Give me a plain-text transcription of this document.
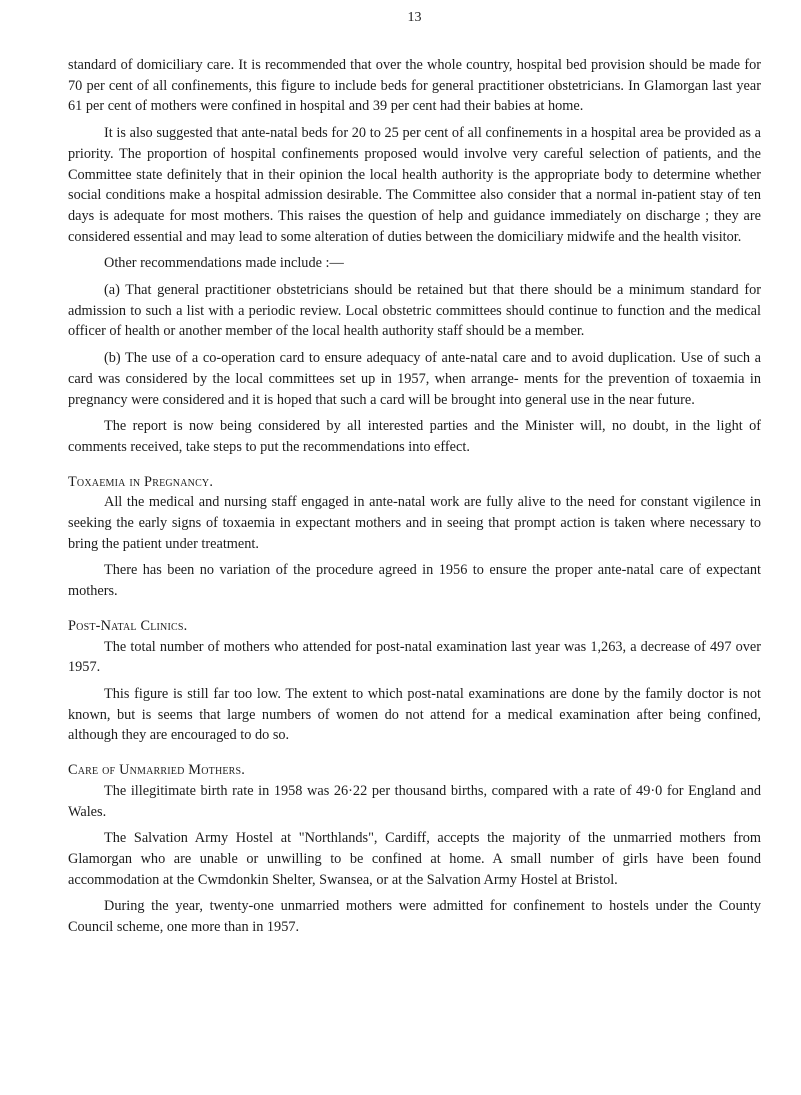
13

standard of domiciliary care. It is recommended that over the whole country, hospital bed provision should be made for 70 per cent of all confinements, this figure to include beds for general practitioner obstetricians. In Glamorgan last year 61 per cent of mothers were confined in hospital and 39 per cent had their babies at home.

It is also suggested that ante-natal beds for 20 to 25 per cent of all confinements in a hospital area be provided as a priority. The proportion of hospital confinements proposed would involve very careful selection of patients, and the Committee state definitely that in their opinion the local health authority is the appropriate body to determine whether social conditions make a hospital admission desirable. The Committee also consider that a normal in-patient stay of ten days is adequate for most mothers. This raises the question of help and guidance immediately on discharge ; they are considered essential and may lead to some alteration of duties between the domiciliary midwife and the health visitor.

Other recommendations made include :—

(a) That general practitioner obstetricians should be retained but that there should be a minimum standard for admission to such a list with a periodic review. Local obstetric committees should continue to function and the medical officer of health or another member of the local health authority staff should be a member.

(b) The use of a co-operation card to ensure adequacy of ante-natal care and to avoid duplication. Use of such a card was considered by the local committees set up in 1957, when arrange- ments for the prevention of toxaemia in pregnancy were considered and it is hoped that such a card will be brought into general use in the near future.

The report is now being considered by all interested parties and the Minister will, no doubt, in the light of comments received, take steps to put the recommendations into effect.

Toxaemia in Pregnancy.

All the medical and nursing staff engaged in ante-natal work are fully alive to the need for constant vigilence in seeking the early signs of toxaemia in expectant mothers and in seeing that prompt action is taken where necessary to bring the patient under treatment.

There has been no variation of the procedure agreed in 1956 to ensure the proper ante-natal care of expectant mothers.

Post-Natal Clinics.

The total number of mothers who attended for post-natal examination last year was 1,263, a decrease of 497 over 1957.

This figure is still far too low. The extent to which post-natal examinations are done by the family doctor is not known, but is seems that large numbers of women do not attend for a medical examination after being confined, although they are encouraged to do so.

Care of Unmarried Mothers.

The illegitimate birth rate in 1958 was 26·22 per thousand births, compared with a rate of 49·0 for England and Wales.

The Salvation Army Hostel at "Northlands", Cardiff, accepts the majority of the unmarried mothers from Glamorgan who are unable or unwilling to be confined at home. A small number of girls have been found accommodation at the Cwmdonkin Shelter, Swansea, or at the Salvation Army Hostel at Bristol.

During the year, twenty-one unmarried mothers were admitted for confinement to hostels under the County Council scheme, one more than in 1957.
